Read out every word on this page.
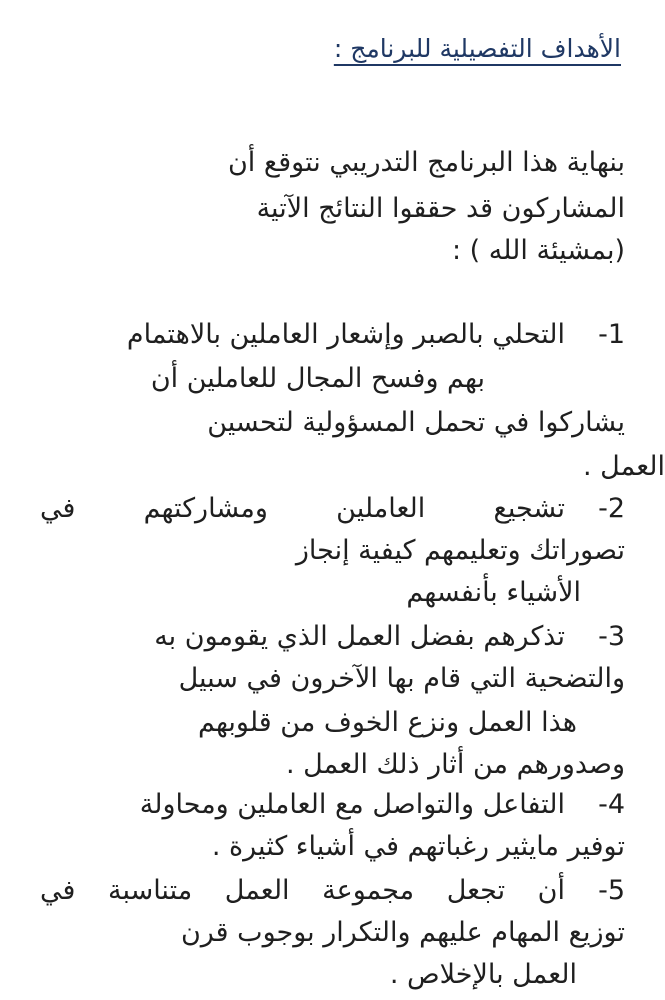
الأهداف التفصيلية للبرنامج :
بنهاية هذا البرنامج التدريبي نتوقع أن
المشاركون قد حققوا النتائج الآتية
(بمشيئة الله ) :
1-
التحلي بالصبر وإشعار العاملين بالاهتمام
بهم وفسح المجال للعاملين أن
يشاركوا في تحمل المسؤولية لتحسين
العمل .
2-
تشجيع العاملين ومشاركتهم في
تصوراتك وتعليمهم كيفية إنجاز
الأشياء بأنفسهم
3-
تذكرهم بفضل العمل الذي يقومون به
والتضحية التي قام بها الآخرون في سبيل
هذا العمل ونزع الخوف من قلوبهم
وصدورهم من أثار ذلك العمل .
4-
التفاعل والتواصل مع العاملين ومحاولة
توفير مايثير رغباتهم في أشياء كثيرة .
5-
أن تجعل مجموعة العمل متناسبة في
توزيع المهام عليهم والتكرار بوجوب قرن
العمل بالإخلاص .
